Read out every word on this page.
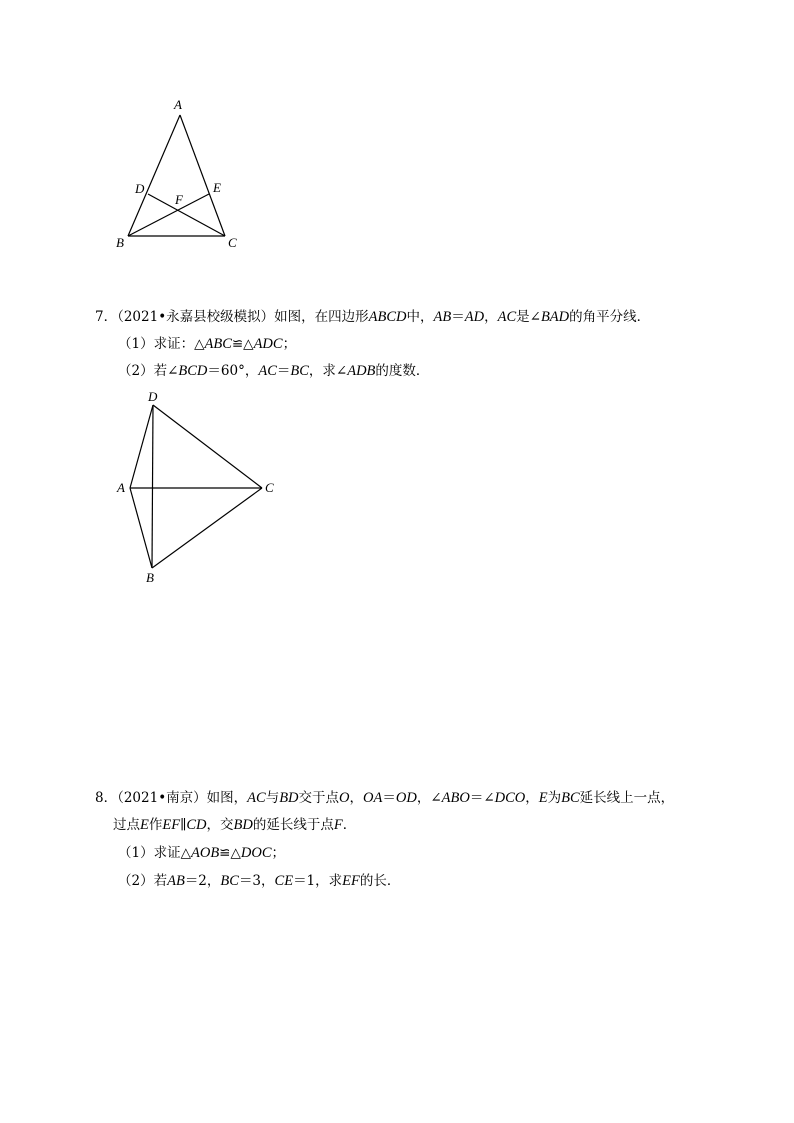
A
B	C
D	E
F
7．（2021•永嘉县校级模拟）如图，在四边形ABCD中，AB＝AD，AC是∠BAD的角平分线．
（1）求证：△ABC≌△ADC；
（2）若∠BCD＝60°，AC＝BC，求∠ADB的度数．
D
A	C
B
8．（2021•南京）如图，AC与BD交于点O，OA＝OD，∠ABO＝∠DCO，E为BC延长线上一点，
过点E作EF∥CD，交BD的延长线于点F．
（1）求证△AOB≌△DOC；
（2）若AB＝2，BC＝3，CE＝1，求EF的长．
